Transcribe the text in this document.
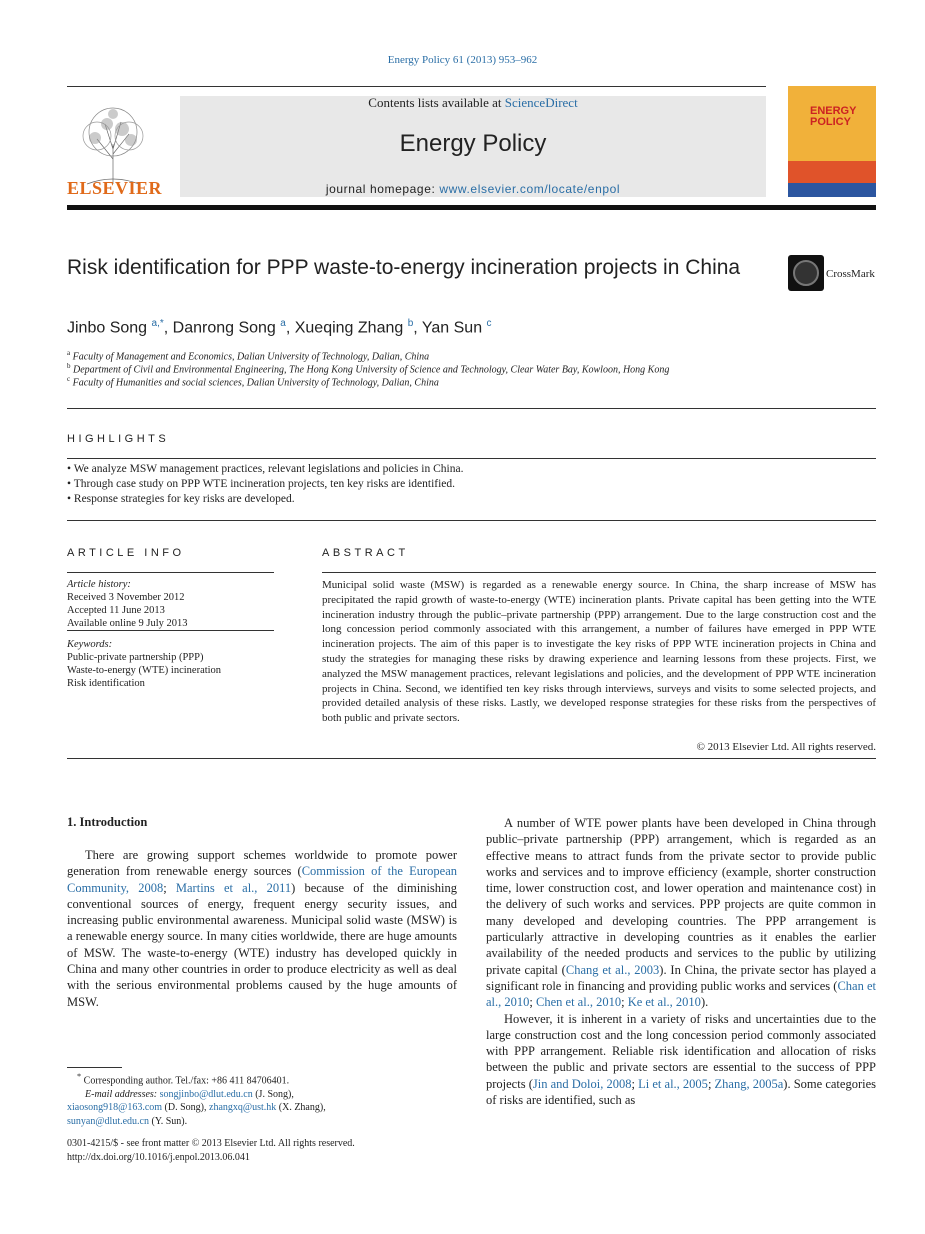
Energy Policy 61 (2013) 953–962
ELSEVIER
Contents lists available at ScienceDirect
Energy Policy
journal homepage: www.elsevier.com/locate/enpol
ENERGY
POLICY
Risk identification for PPP waste-to-energy incineration projects in China	CrossMark
Jinbo Song $^{a,*}$, Danrong Song $^a$, Xueqing Zhang $^b$, Yan Sun $^c$
$^a$ Faculty of Management and Economics, Dalian University of Technology, Dalian, China
$^b$ Department of Civil and Environmental Engineering, The Hong Kong University of Science and Technology, Clear Water Bay, Kowloon, Hong Kong
$^c$ Faculty of Humanities and social sciences, Dalian University of Technology, Dalian, China
HIGHLIGHTS
• We analyze MSW management practices, relevant legislations and policies in China.
• Through case study on PPP WTE incineration projects, ten key risks are identified.
• Response strategies for key risks are developed.
ARTICLE INFO
Article history:
Received 3 November 2012
Accepted 11 June 2013
Available online 9 July 2013
Keywords:
Public-private partnership (PPP)
Waste-to-energy (WTE) incineration
Risk identification
ABSTRACT
Municipal solid waste (MSW) is regarded as a renewable energy source. In China, the sharp increase of MSW has precipitated the rapid growth of waste-to-energy (WTE) incineration plants. Private capital has been getting into the WTE incineration industry through the public–private partnership (PPP) arrangement. Due to the large construction cost and the long concession period commonly associated with this arrangement, a number of failures have emerged in PPP WTE incineration projects. The aim of this paper is to investigate the key risks of PPP WTE incineration projects in China and study the strategies for managing these risks by drawing experience and learning lessons from these projects. First, we analyzed the MSW management practices, relevant legislations and policies, and the development of PPP WTE incineration projects in China. Second, we identified ten key risks through interviews, surveys and visits to some selected projects, and provided detailed analysis of these risks. Lastly, we developed response strategies for these risks from the perspectives of both public and private sectors.
© 2013 Elsevier Ltd. All rights reserved.
1. Introduction

There are growing support schemes worldwide to promote power generation from renewable energy sources (Commission of the European Community, 2008; Martins et al., 2011) because of the diminishing conventional sources of energy, frequent energy security issues, and increasing public environmental awareness. Municipal solid waste (MSW) is a renewable energy source. In many cities worldwide, there are huge amounts of MSW. The waste-to-energy (WTE) industry has developed quickly in China and many other countries in order to produce electricity as well as deal with the serious environmental problems caused by the huge amounts of MSW.

A number of WTE power plants have been developed in China through public–private partnership (PPP) arrangement, which is regarded as an effective means to attract funds from the private sector to provide public works and services and to improve efficiency (example, shorter construction time, lower construction cost, and lower operation and maintenance cost) in the delivery of such works and services. PPP projects are quite common in many developed and developing countries. The PPP arrangement is particularly attractive in developing countries as it enables the earlier availability of the needed products and services to the public by utilizing private capital (Chang et al., 2003). In China, the private sector has played a significant role in financing and providing public works and services (Chan et al., 2010; Chen et al., 2010; Ke et al., 2010).

However, it is inherent in a variety of risks and uncertainties due to the large construction cost and the long concession period commonly associated with PPP arrangement. Reliable risk identification and allocation of risks between the public and private sectors are essential to the success of PPP projects (Jin and Doloi, 2008; Li et al., 2005; Zhang, 2005a). Some categories of risks are identified, such as

* Corresponding author. Tel./fax: +86 411 84706401.
E-mail addresses: songjinbo@dlut.edu.cn (J. Song),
xiaosong918@163.com (D. Song), zhangxq@ust.hk (X. Zhang),
sunyan@dlut.edu.cn (Y. Sun).
0301-4215/$ - see front matter © 2013 Elsevier Ltd. All rights reserved.
http://dx.doi.org/10.1016/j.enpol.2013.06.041
